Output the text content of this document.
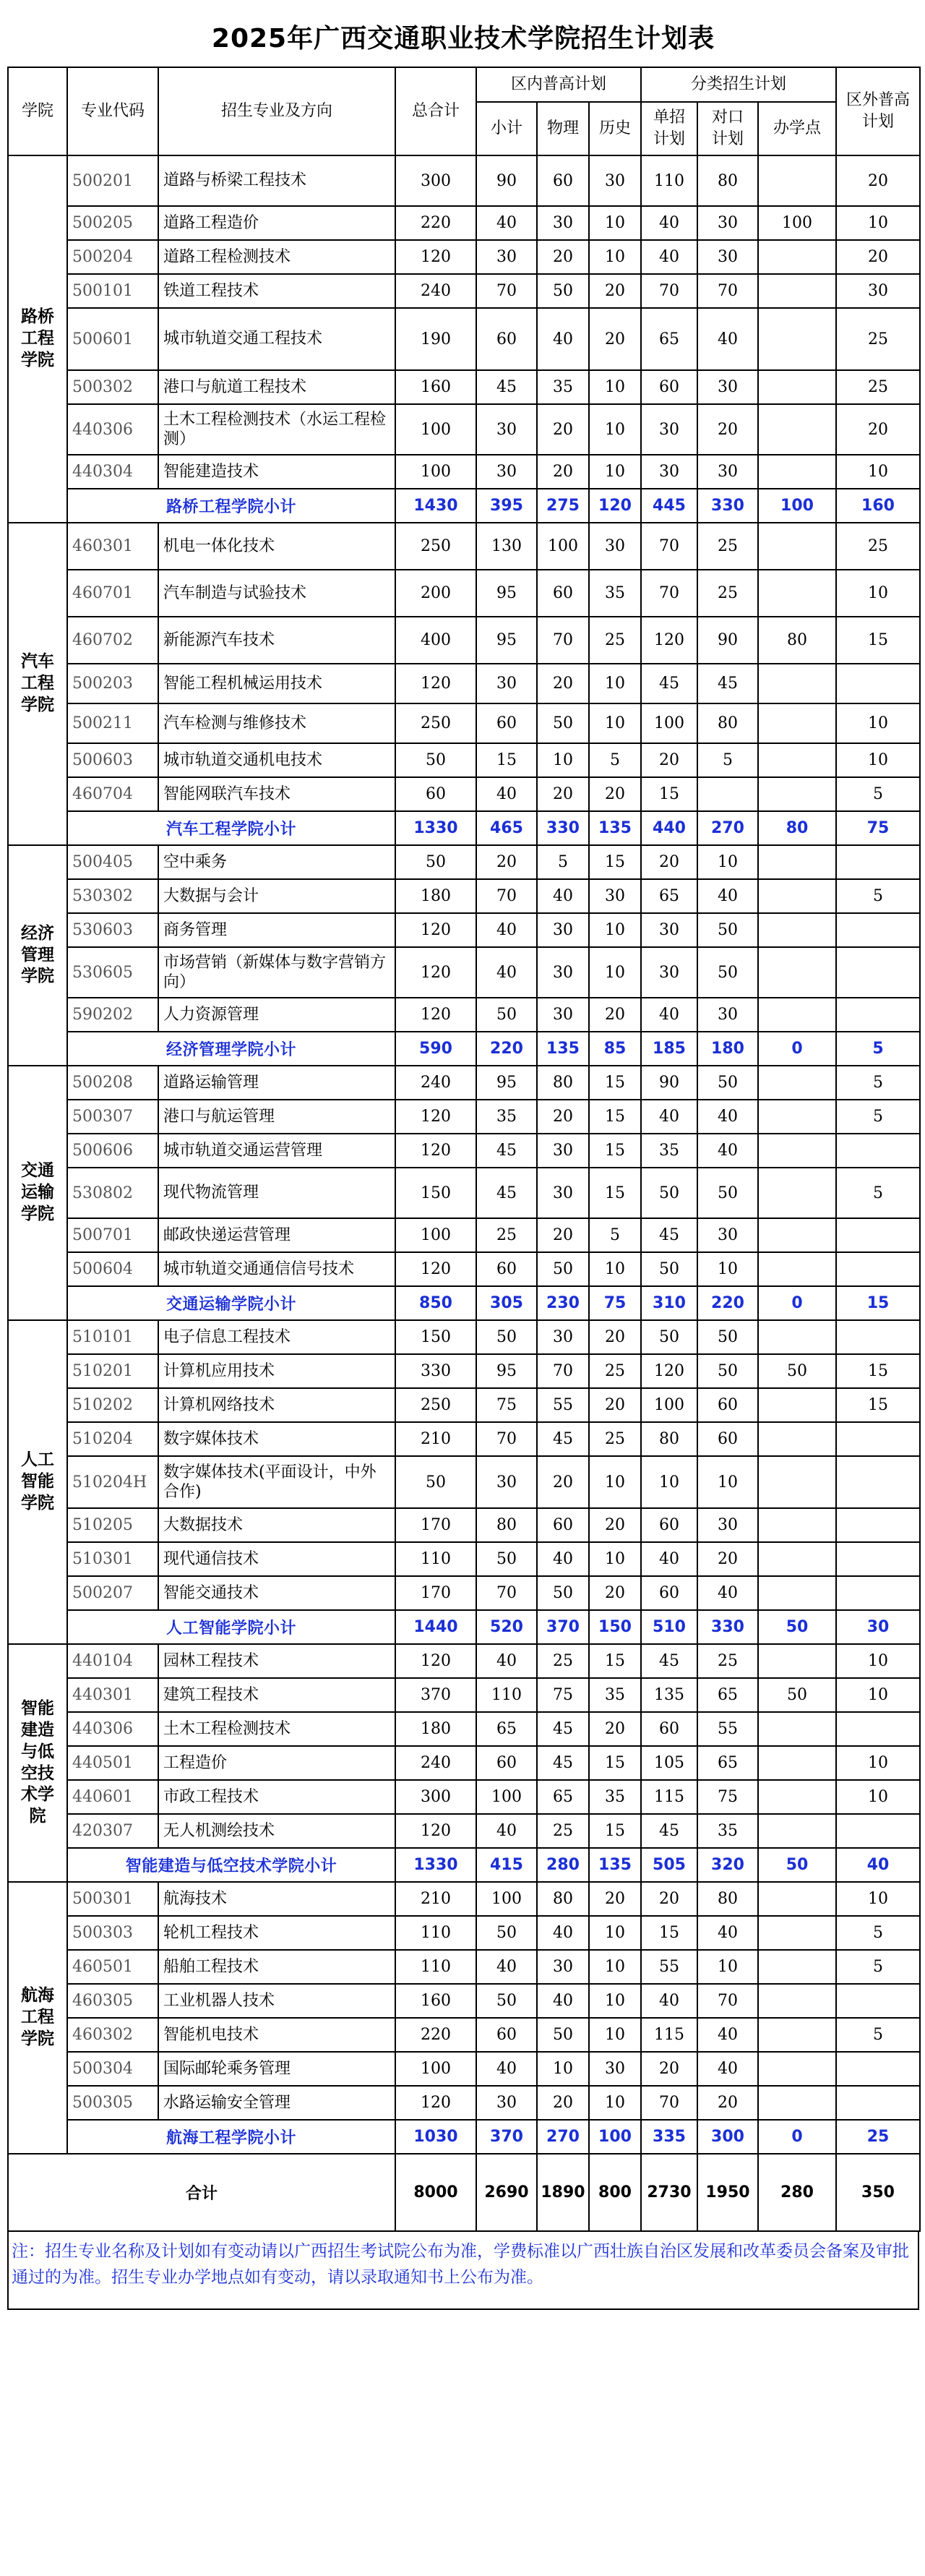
2025年广西交通职业技术学院招生计划表
学院	专业代码	招生专业及方向	总合计	区内普高计划			分类招生计划			区外普高计划
				小计	物理	历史	单招计划	对口计划	办学点	
路桥工程学院	500201	道路与桥梁工程技术	300	90	60	30	110	80		20
	500205	道路工程造价	220	40	30	10	40	30	100	10
	500204	道路工程检测技术	120	30	20	10	40	30		20
	500101	铁道工程技术	240	70	50	20	70	70		30
	500601	城市轨道交通工程技术	190	60	40	20	65	40		25
	500302	港口与航道工程技术	160	45	35	10	60	30		25
	440306	土木工程检测技术（水运工程检测）	100	30	20	10	30	20		20
	440304	智能建造技术	100	30	20	10	30	30		10
	路桥工程学院小计		1430	395	275	120	445	330	100	160
汽车工程学院	460301	机电一体化技术	250	130	100	30	70	25		25
	460701	汽车制造与试验技术	200	95	60	35	70	25		10
	460702	新能源汽车技术	400	95	70	25	120	90	80	15
	500203	智能工程机械运用技术	120	30	20	10	45	45		
	500211	汽车检测与维修技术	250	60	50	10	100	80		10
	500603	城市轨道交通机电技术	50	15	10	5	20	5		10
	460704	智能网联汽车技术	60	40	20	20	15			5
	汽车工程学院小计		1330	465	330	135	440	270	80	75
经济管理学院	500405	空中乘务	50	20	5	15	20	10		
	530302	大数据与会计	180	70	40	30	65	40		5
	530603	商务管理	120	40	30	10	30	50		
	530605	市场营销（新媒体与数字营销方向）	120	40	30	10	30	50		
	590202	人力资源管理	120	50	30	20	40	30		
	经济管理学院小计		590	220	135	85	185	180	0	5
交通运输学院	500208	道路运输管理	240	95	80	15	90	50		5
	500307	港口与航运管理	120	35	20	15	40	40		5
	500606	城市轨道交通运营管理	120	45	30	15	35	40		
	530802	现代物流管理	150	45	30	15	50	50		5
	500701	邮政快递运营管理	100	25	20	5	45	30		
	500604	城市轨道交通通信信号技术	120	60	50	10	50	10		
	交通运输学院小计		850	305	230	75	310	220	0	15
人工智能学院	510101	电子信息工程技术	150	50	30	20	50	50		
	510201	计算机应用技术	330	95	70	25	120	50	50	15
	510202	计算机网络技术	250	75	55	20	100	60		15
	510204	数字媒体技术	210	70	45	25	80	60		
	510204H	数字媒体技术(平面设计，中外合作)	50	30	20	10	10	10		
	510205	大数据技术	170	80	60	20	60	30		
	510301	现代通信技术	110	50	40	10	40	20		
	500207	智能交通技术	170	70	50	20	60	40		
	人工智能学院小计		1440	520	370	150	510	330	50	30
智能建造与低空技术学院	440104	园林工程技术	120	40	25	15	45	25		10
	440301	建筑工程技术	370	110	75	35	135	65	50	10
	440306	土木工程检测技术	180	65	45	20	60	55		
	440501	工程造价	240	60	45	15	105	65		10
	440601	市政工程技术	300	100	65	35	115	75		10
	420307	无人机测绘技术	120	40	25	15	45	35		
	智能建造与低空技术学院小计		1330	415	280	135	505	320	50	40
航海工程学院	500301	航海技术	210	100	80	20	20	80		10
	500303	轮机工程技术	110	50	40	10	15	40		5
	460501	船舶工程技术	110	40	30	10	55	10		5
	460305	工业机器人技术	160	50	40	10	40	70		
	460302	智能机电技术	220	60	50	10	115	40		5
	500304	国际邮轮乘务管理	100	40	10	30	20	40		
	500305	水路运输安全管理	120	30	20	10	70	20		
	航海工程学院小计		1030	370	270	100	335	300	0	25
合计			8000	2690	1890	800	2730	1950	280	350
注：招生专业名称及计划如有变动请以广西招生考试院公布为准，学费标准以广西壮族自治区发展和改革委员会备案及审批通过的为准。招生专业办学地点如有变动，请以录取通知书上公布为准。
